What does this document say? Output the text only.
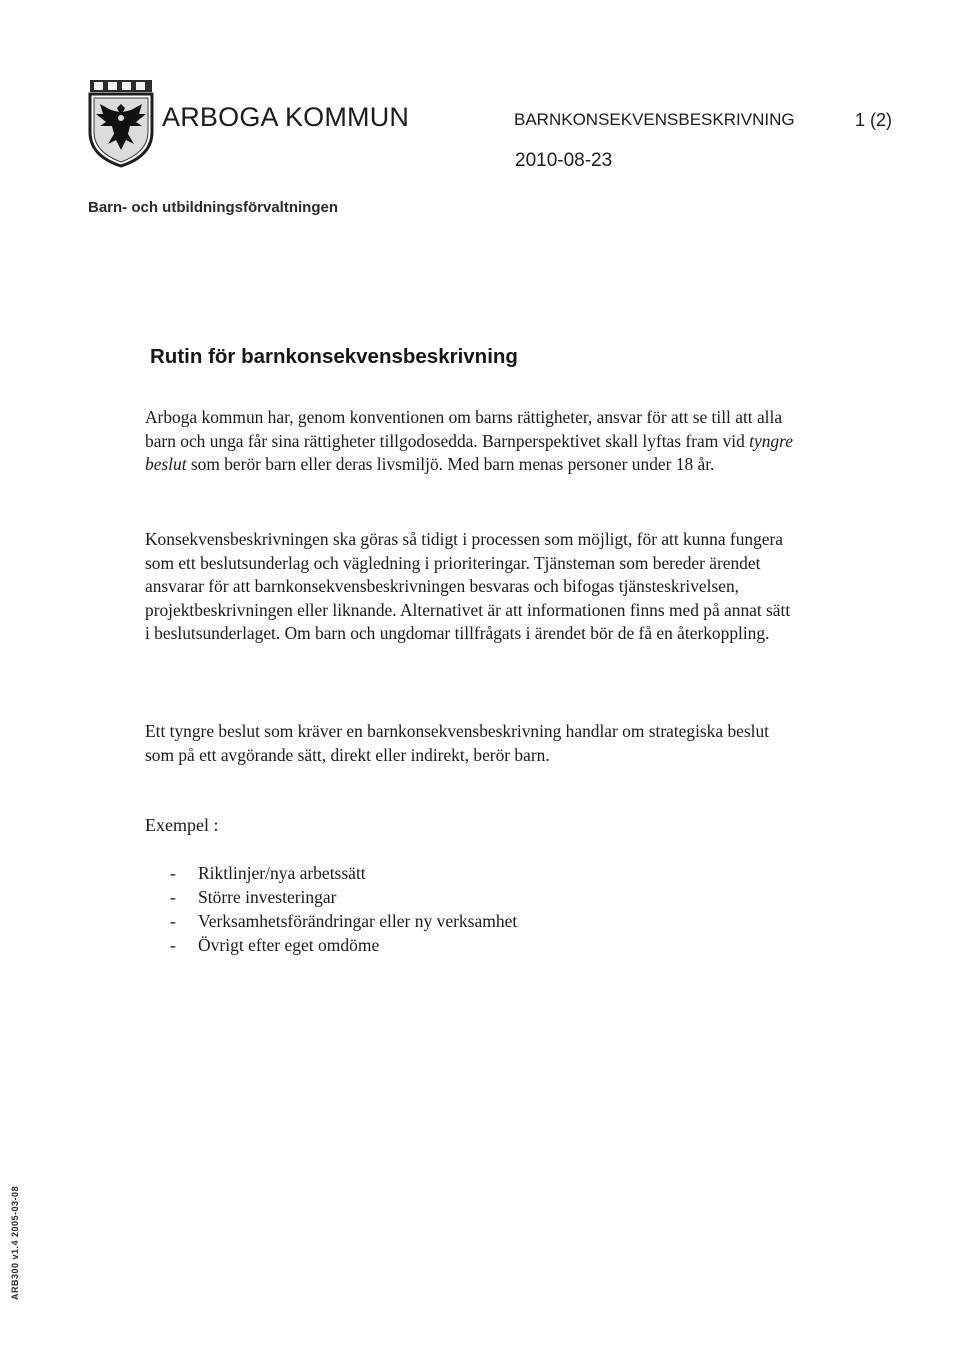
ARBOGA KOMMUN	BARNKONSEKVENSBESKRIVNING	1 (2)
2010-08-23
Barn- och utbildningsförvaltningen
Rutin för barnkonsekvensbeskrivning

Arboga kommun har, genom konventionen om barns rättigheter, ansvar för att se till att alla barn och unga får sina rättigheter tillgodosedda. Barnperspektivet skall lyftas fram vid tyngre beslut som berör barn eller deras livsmiljö. Med barn menas personer under 18 år.

Konsekvensbeskrivningen ska göras så tidigt i processen som möjligt, för att kunna fungera som ett beslutsunderlag och vägledning i prioriteringar. Tjänsteman som bereder ärendet ansvarar för att barnkonsekvensbeskrivningen besvaras och bifogas tjänsteskrivelsen, projektbeskrivningen eller liknande. Alternativet är att informationen finns med på annat sätt i beslutsunderlaget. Om barn och ungdomar tillfrågats i ärendet bör de få en återkoppling.

Ett tyngre beslut som kräver en barnkonsekvensbeskrivning handlar om strategiska beslut som på ett avgörande sätt, direkt eller indirekt, berör barn.

Exempel :
-	Riktlinjer/nya arbetssätt
-	Större investeringar
-	Verksamhetsförändringar eller ny verksamhet
-	Övrigt efter eget omdöme
ARB300 v1.4 2005-03-08
